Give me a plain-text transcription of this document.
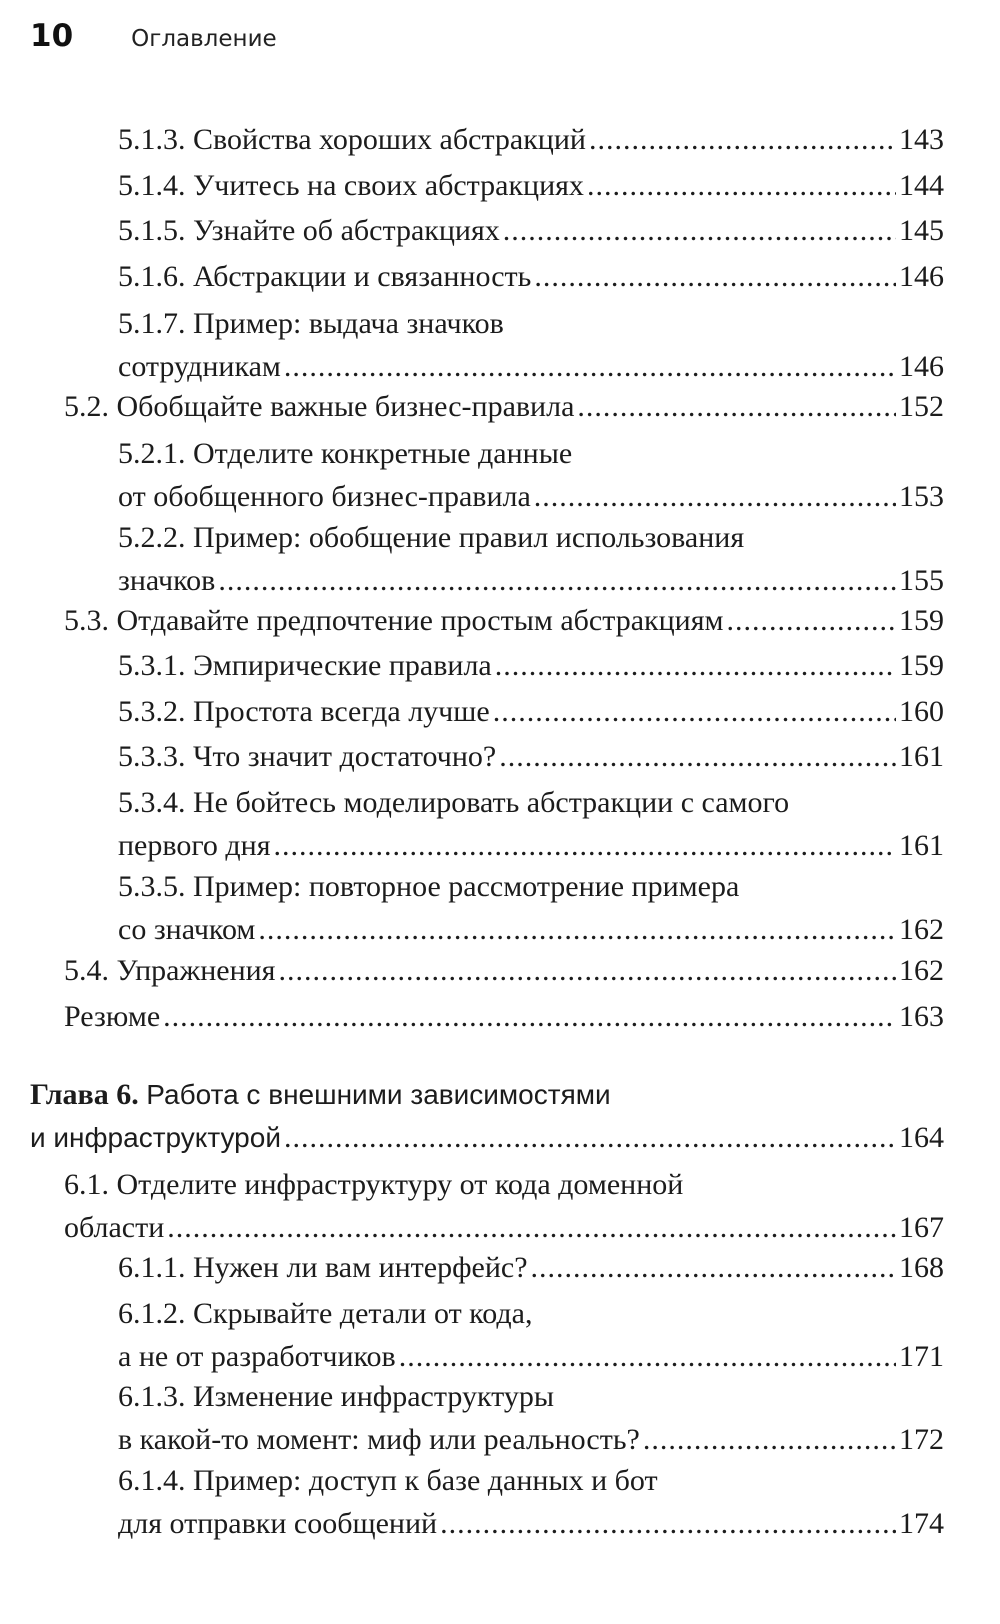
10	Оглавление
5.1.3. Свойства хороших абстракций .....	143
5.1.4. Учитесь на своих абстракциях .....	144
5.1.5. Узнайте об абстракциях .....	145
5.1.6. Абстракции и связанность .....	146
5.1.7. Пример: выдача значков
сотрудникам .....	146
5.2. Обобщайте важные бизнес-правила .....	152
5.2.1. Отделите конкретные данные
от обобщенного бизнес-правила .....	153
5.2.2. Пример: обобщение правил использования
значков .....	155
5.3. Отдавайте предпочтение простым абстракциям .....	159
5.3.1. Эмпирические правила .....	159
5.3.2. Простота всегда лучше .....	160
5.3.3. Что значит достаточно? .....	161
5.3.4. Не бойтесь моделировать абстракции с самого
первого дня .....	161
5.3.5. Пример: повторное рассмотрение примера
со значком .....	162
5.4. Упражнения .....	162
Резюме .....	163
Глава 6. Работа с внешними зависимостями
и инфраструктурой .....	164
6.1. Отделите инфраструктуру от кода доменной
области .....	167
6.1.1. Нужен ли вам интерфейс? .....	168
6.1.2. Скрывайте детали от кода,
а не от разработчиков .....	171
6.1.3. Изменение инфраструктуры
в какой-то момент: миф или реальность? .....	172
6.1.4. Пример: доступ к базе данных и бот
для отправки сообщений .....	174
